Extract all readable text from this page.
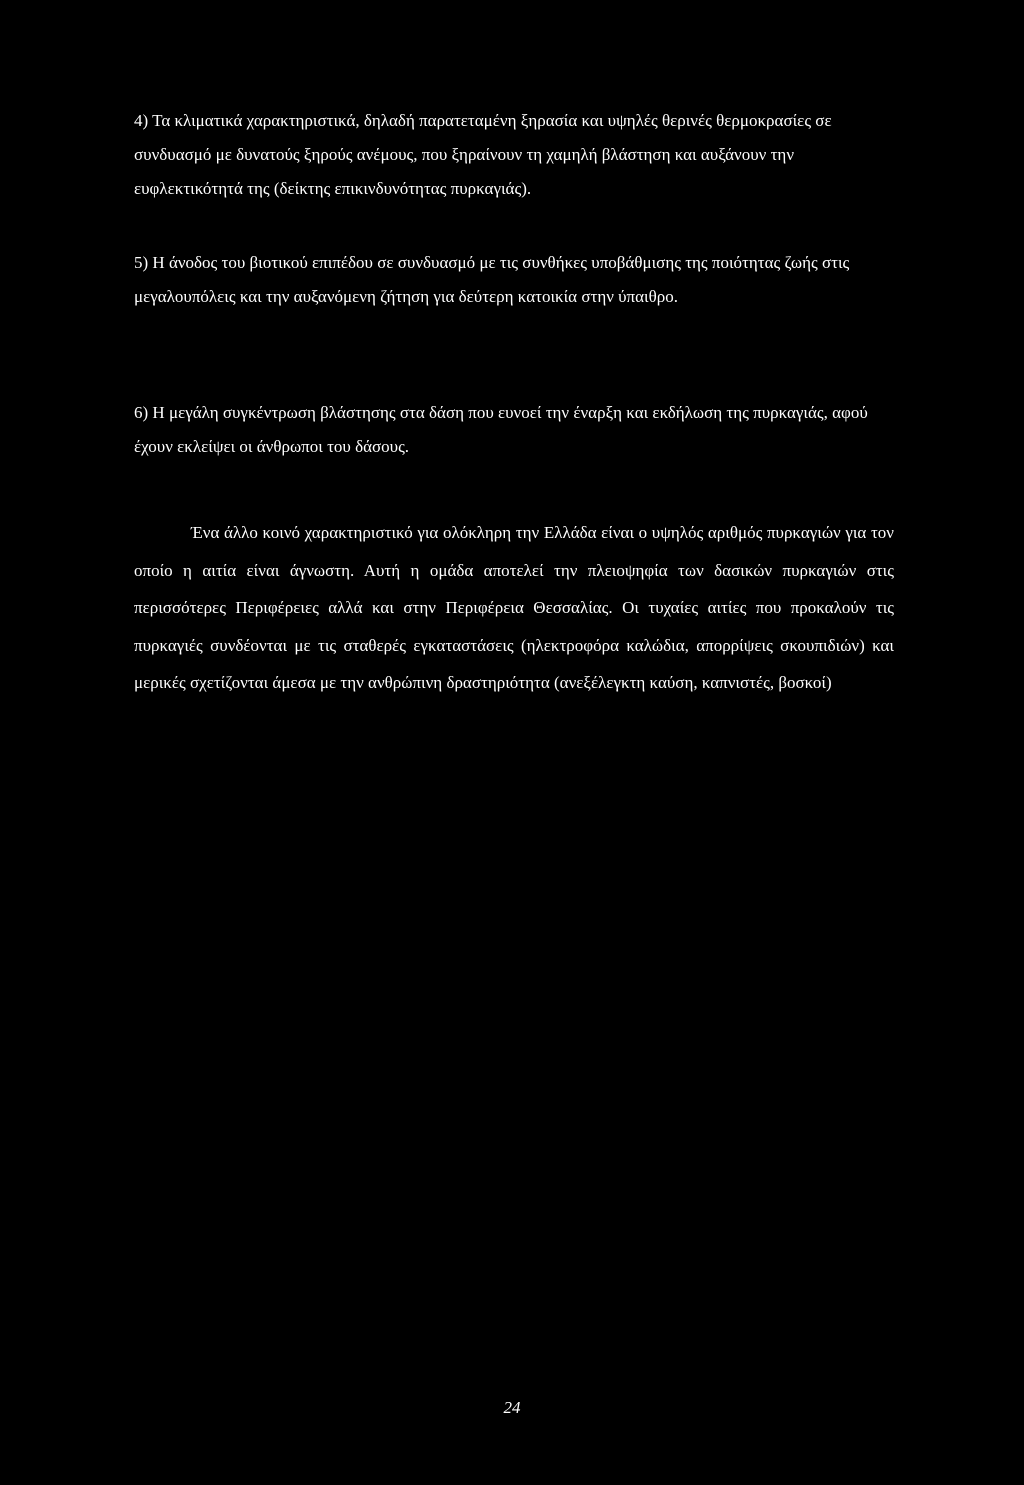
4) Τα κλιματικά χαρακτηριστικά, δηλαδή παρατεταμένη ξηρασία και υψηλές θερινές θερμοκρασίες σε συνδυασμό με δυνατούς ξηρούς ανέμους, που ξηραίνουν τη χαμηλή βλάστηση και αυξάνουν την ευφλεκτικότητά της (δείκτης επικινδυνότητας πυρκαγιάς).

5) Η άνοδος του βιοτικού επιπέδου σε συνδυασμό με τις συνθήκες υποβάθμισης της ποιότητας ζωής στις μεγαλουπόλεις και την αυξανόμενη ζήτηση για δεύτερη κατοικία στην ύπαιθρο.

6) Η μεγάλη συγκέντρωση βλάστησης στα δάση που ευνοεί την έναρξη και εκδήλωση της πυρκαγιάς, αφού έχουν εκλείψει οι άνθρωποι του δάσους.

Ένα άλλο κοινό χαρακτηριστικό για ολόκληρη την Ελλάδα είναι ο υψηλός αριθμός πυρκαγιών για τον οποίο η αιτία είναι άγνωστη. Αυτή η ομάδα αποτελεί την πλειοψηφία των δασικών πυρκαγιών στις περισσότερες Περιφέρειες αλλά και στην Περιφέρεια Θεσσαλίας. Οι τυχαίες αιτίες που προκαλούν τις πυρκαγιές συνδέονται με τις σταθερές εγκαταστάσεις (ηλεκτροφόρα καλώδια, απορρίψεις σκουπιδιών) και μερικές σχετίζονται άμεσα με την ανθρώπινη δραστηριότητα (ανεξέλεγκτη καύση, καπνιστές, βοσκοί)

24
